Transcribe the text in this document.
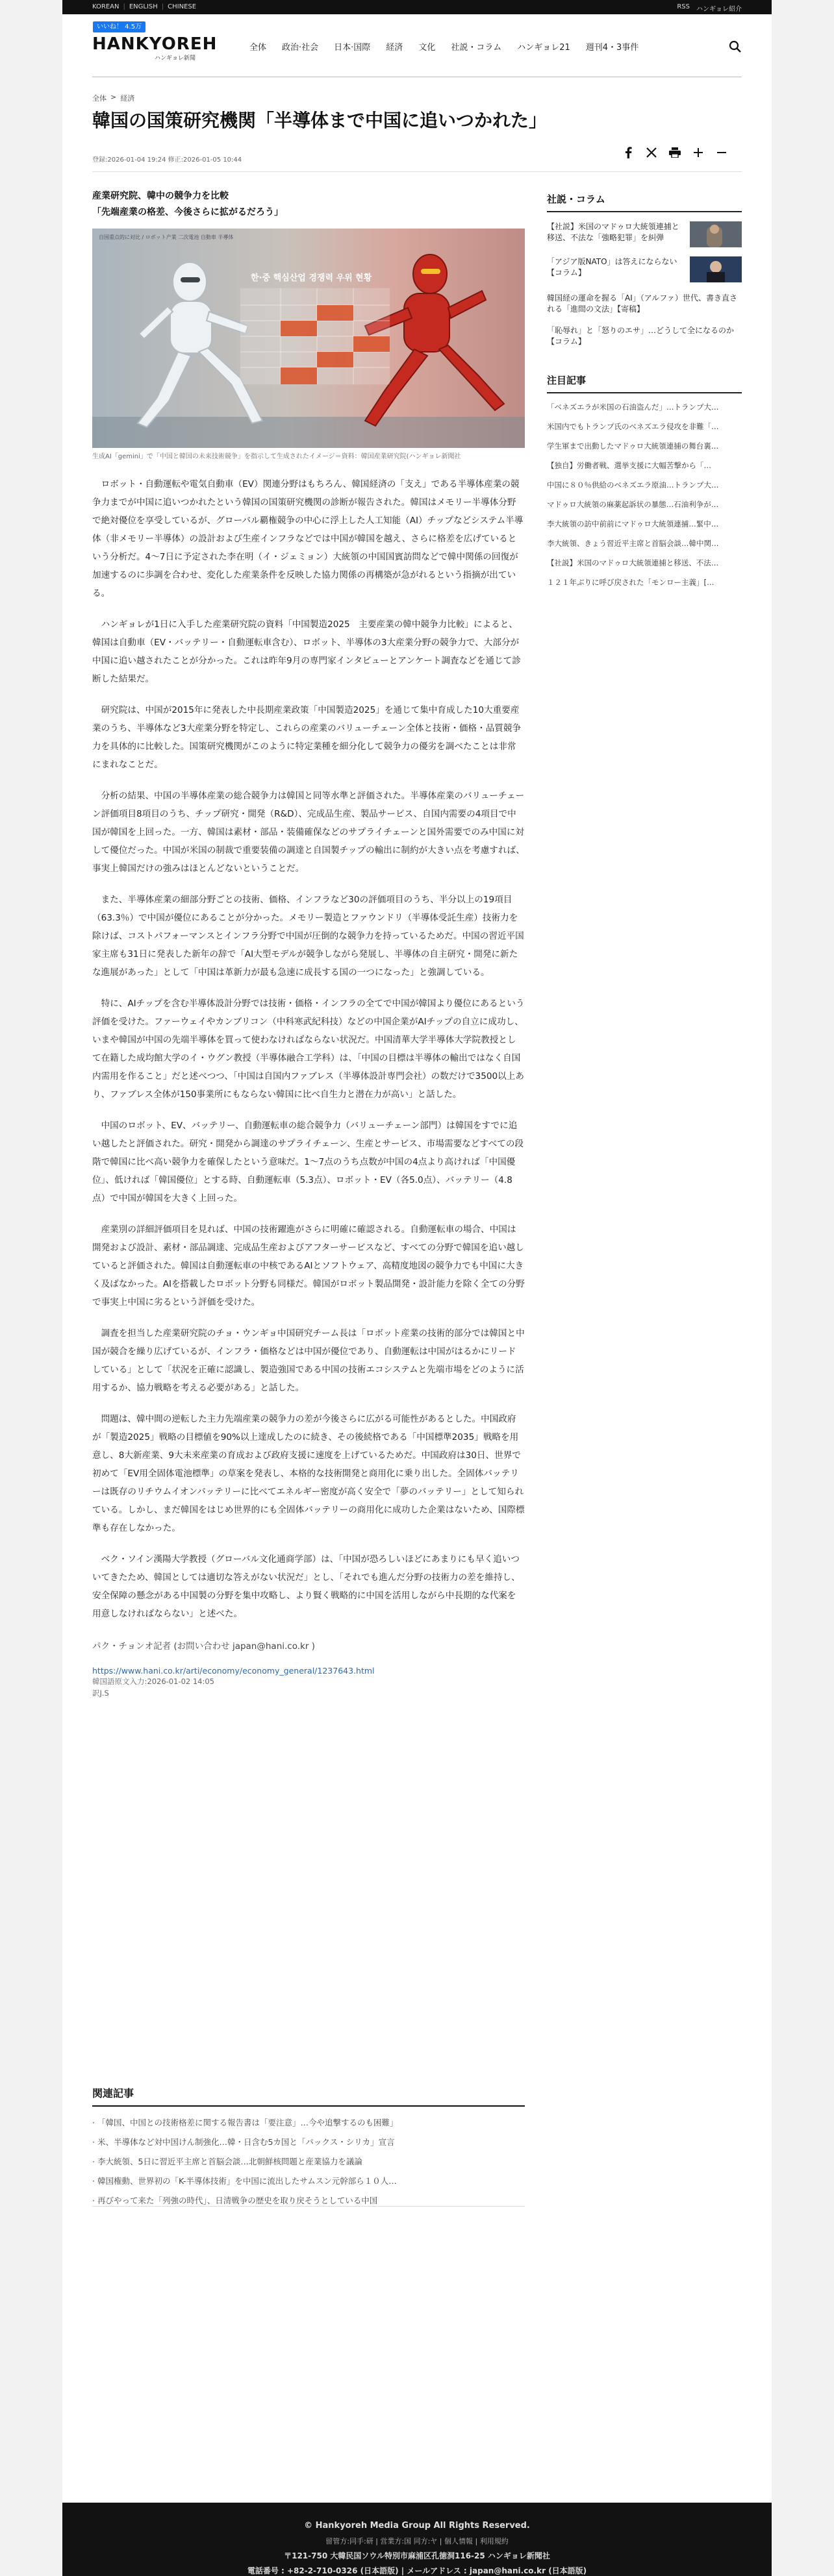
KOREAN | ENGLISH | CHINESE	RSS ハンギョレ紹介
いいね！ 4.5万
HANKYOREH
ハンギョレ新聞
全体 政治·社会 日本·国際 経済 文化 社説・コラム ハンギョレ21 週刊4・3事件
全体 > 経済
韓国の国策研究機関「半導体まで中国に追いつかれた」
登録:2026-01-04 19:24 修正:2026-01-05 10:44
産業研究院、韓中の競争力を比較
「先端産業の格差、今後さらに拡がるだろう」
自国重点的に対比 / ロボット产業 二次電池 自動車 半導体
한·중 핵심산업 경쟁력 우위 현황
生成AI「gemini」で「中国と韓国の未来技術競争」を指示して生成されたイメージ＝資料：韓国産業研究院(ハンギョレ新聞社

ロボット・自動運転や電気自動車（EV）関連分野はもちろん、韓国経済の「支え」である半導体産業の競争力までが中国に追いつかれたという韓国の国策研究機関の診断が報告された。韓国はメモリー半導体分野で絶対優位を享受しているが、グローバル覇権競争の中心に浮上した人工知能（AI）チップなどシステム半導体（非メモリー半導体）の設計および生産インフラなどでは中国が韓国を越え、さらに格差を広げているという分析だ。4～7日に予定された李在明（イ・ジェミョン）大統領の中国国賓訪問などで韓中関係の回復が加速するのに歩調を合わせ、変化した産業条件を反映した協力関係の再構築が急がれるという指摘が出ている。

ハンギョレが1日に入手した産業研究院の資料「中国製造2025　主要産業の韓中競争力比較」によると、韓国は自動車（EV・バッテリー・自動運転車含む）、ロボット、半導体の3大産業分野の競争力で、大部分が中国に追い越されたことが分かった。これは昨年9月の専門家インタビューとアンケート調査などを通じて診断した結果だ。

研究院は、中国が2015年に発表した中長期産業政策「中国製造2025」を通じて集中育成した10大重要産業のうち、半導体など3大産業分野を特定し、これらの産業のバリューチェーン全体と技術・価格・品質競争力を具体的に比較した。国策研究機関がこのように特定業種を細分化して競争力の優劣を調べたことは非常にまれなことだ。

分析の結果、中国の半導体産業の総合競争力は韓国と同等水準と評価された。半導体産業のバリューチェーン評価項目8項目のうち、チップ研究・開発（R&D）、完成品生産、製品サービス、自国内需要の4項目で中国が韓国を上回った。一方、韓国は素材・部品・装備確保などのサプライチェーンと国外需要でのみ中国に対して優位だった。中国が米国の制裁で重要装備の調達と自国製チップの輸出に制約が大きい点を考慮すれば、事実上韓国だけの強みはほとんどないということだ。

また、半導体産業の細部分野ごとの技術、価格、インフラなど30の評価項目のうち、半分以上の19項目（63.3％）で中国が優位にあることが分かった。メモリー製造とファウンドリ（半導体受託生産）技術力を除けば、コストパフォーマンスとインフラ分野で中国が圧倒的な競争力を持っているためだ。中国の習近平国家主席も31日に発表した新年の辞で「AI大型モデルが競争しながら発展し、半導体の自主研究・開発に新たな進展があった」として「中国は革新力が最も急速に成長する国の一つになった」と強調している。

特に、AIチップを含む半導体設計分野では技術・価格・インフラの全てで中国が韓国より優位にあるという評価を受けた。ファーウェイやカンブリコン（中科寒武紀科技）などの中国企業がAIチップの自立に成功し、いまや韓国が中国の先端半導体を買って使わなければならない状況だ。中国清華大学半導体大学院教授として在籍した成均館大学のイ・ウグン教授（半導体融合工学科）は、「中国の目標は半導体の輸出ではなく自国内需用を作ること」だと述べつつ、「中国は自国内ファブレス（半導体設計専門会社）の数だけで3500以上あり、ファブレス全体が150事業所にもならない韓国に比べ自生力と潜在力が高い」と話した。

中国のロボット、EV、バッテリー、自動運転車の総合競争力（バリューチェーン部門）は韓国をすでに追い越したと評価された。研究・開発から調達のサプライチェーン、生産とサービス、市場需要などすべての段階で韓国に比べ高い競争力を確保したという意味だ。1～7点のうち点数が中国の4点より高ければ「中国優位」、低ければ「韓国優位」とする時、自動運転車（5.3点）、ロボット・EV（各5.0点）、バッテリー（4.8点）で中国が韓国を大きく上回った。

産業別の詳細評価項目を見れば、中国の技術躍進がさらに明確に確認される。自動運転車の場合、中国は開発および設計、素材・部品調達、完成品生産およびアフターサービスなど、すべての分野で韓国を追い越していると評価された。韓国は自動運転車の中核であるAIとソフトウェア、高精度地図の競争力でも中国に大きく及ばなかった。AIを搭載したロボット分野も同様だ。韓国がロボット製品開発・設計能力を除く全ての分野で事実上中国に劣るという評価を受けた。

調査を担当した産業研究院のチョ・ウンギョ中国研究チーム長は「ロボット産業の技術的部分では韓国と中国が競合を繰り広げているが、インフラ・価格などは中国が優位であり、自動運転は中国がはるかにリードしている」として「状況を正確に認識し、製造強国である中国の技術エコシステムと先端市場をどのように活用するか、協力戦略を考える必要がある」と話した。

問題は、韓中間の逆転した主力先端産業の競争力の差が今後さらに広がる可能性があるとした。中国政府が「製造2025」戦略の目標値を90%以上達成したのに続き、その後続格である「中国標準2035」戦略を用意し、8大新産業、9大未来産業の育成および政府支援に速度を上げているためだ。中国政府は30日、世界で初めて「EV用全固体電池標準」の草案を発表し、本格的な技術開発と商用化に乗り出した。全固体バッテリーは既存のリチウムイオンバッテリーに比べてエネルギー密度が高く安全で「夢のバッテリー」として知られている。しかし、まだ韓国をはじめ世界的にも全固体バッテリーの商用化に成功した企業はないため、国際標準も存在しなかった。

ベク・ソイン漢陽大学教授（グローバル文化通商学部）は、「中国が恐ろしいほどにあまりにも早く追いついてきたため、韓国としては適切な答えがない状況だ」とし、「それでも進んだ分野の技術力の差を維持し、安全保障の懸念がある中国製の分野を集中攻略し、より賢く戦略的に中国を活用しながら中長期的な代案を用意しなければならない」と述べた。

パク・チョンオ記者 (お問い合わせ japan@hani.co.kr )
https://www.hani.co.kr/arti/economy/economy_general/1237643.html
韓国語原文入力:2026-01-02 14:05
訳J.S
関連記事
· 「韓国、中国との技術格差に関する報告書は「要注意」…今や追撃するのも困難」
· 米、半導体など対中国けん制強化…韓・日含む5カ国と「パックス・シリカ」宣言
· 李大統領、5日に習近平主席と首脳会談…北朝鮮核問題と産業協力を議論
· 韓国権動、世界初の「K-半導体技術」を中国に流出したサムスン元幹部ら１０人…
· 再びやって来た「列強の時代」、日清戦争の歴史を取り戻そうとしている中国
社説・コラム
【社説】米国のマドゥロ大統領連捕と移送、不法な「強略犯罪」を糾弾
「アジア版NATO」は答えにならない【コラム】
韓国経の運命を握る「ΑΙ」（アルファ）世代、書き直される「進間の文法」【寄稿】
「恥辱れ」と「怒りのエサ」…どうして全になるのか【コラム】
注目記事
「ベネズエラが米国の石油盗んだ」…トランプ大…
米国内でもトランプ氏のベネズエラ侵攻を非難「…
学生軍まで出動したマドゥロ大統領連捕の舞台裏…
【独自】労働者戦、選挙支援に大幅苦撃から「…
中国に８０％供給のベネズエラ原油…トランプ大…
マドゥロ大統領の麻薬起訴状の暴態…石油利争が…
李大統領の訪中前前にマドゥロ大統領連捕…緊中…
李大統領、きょう習近平主席と首脳会談…韓中関…
【社説】米国のマドゥロ大統領連捕と移送、不法…
１２１年ぶりに呼び戻された「モンロー主義」[…
© Hankyoreh Media Group All Rights Reserved.
留管方:同手:研 | 営業方:国 同方:ヤ | 個人情報 | 利用規約
〒121-750 大韓民国ソウル特別市麻浦区孔徳洞116-25 ハンギョレ新聞社
電話番号 : +82-2-710-0326 (日本語版) | メールアドレス : japan@hani.co.kr (日本語版)
